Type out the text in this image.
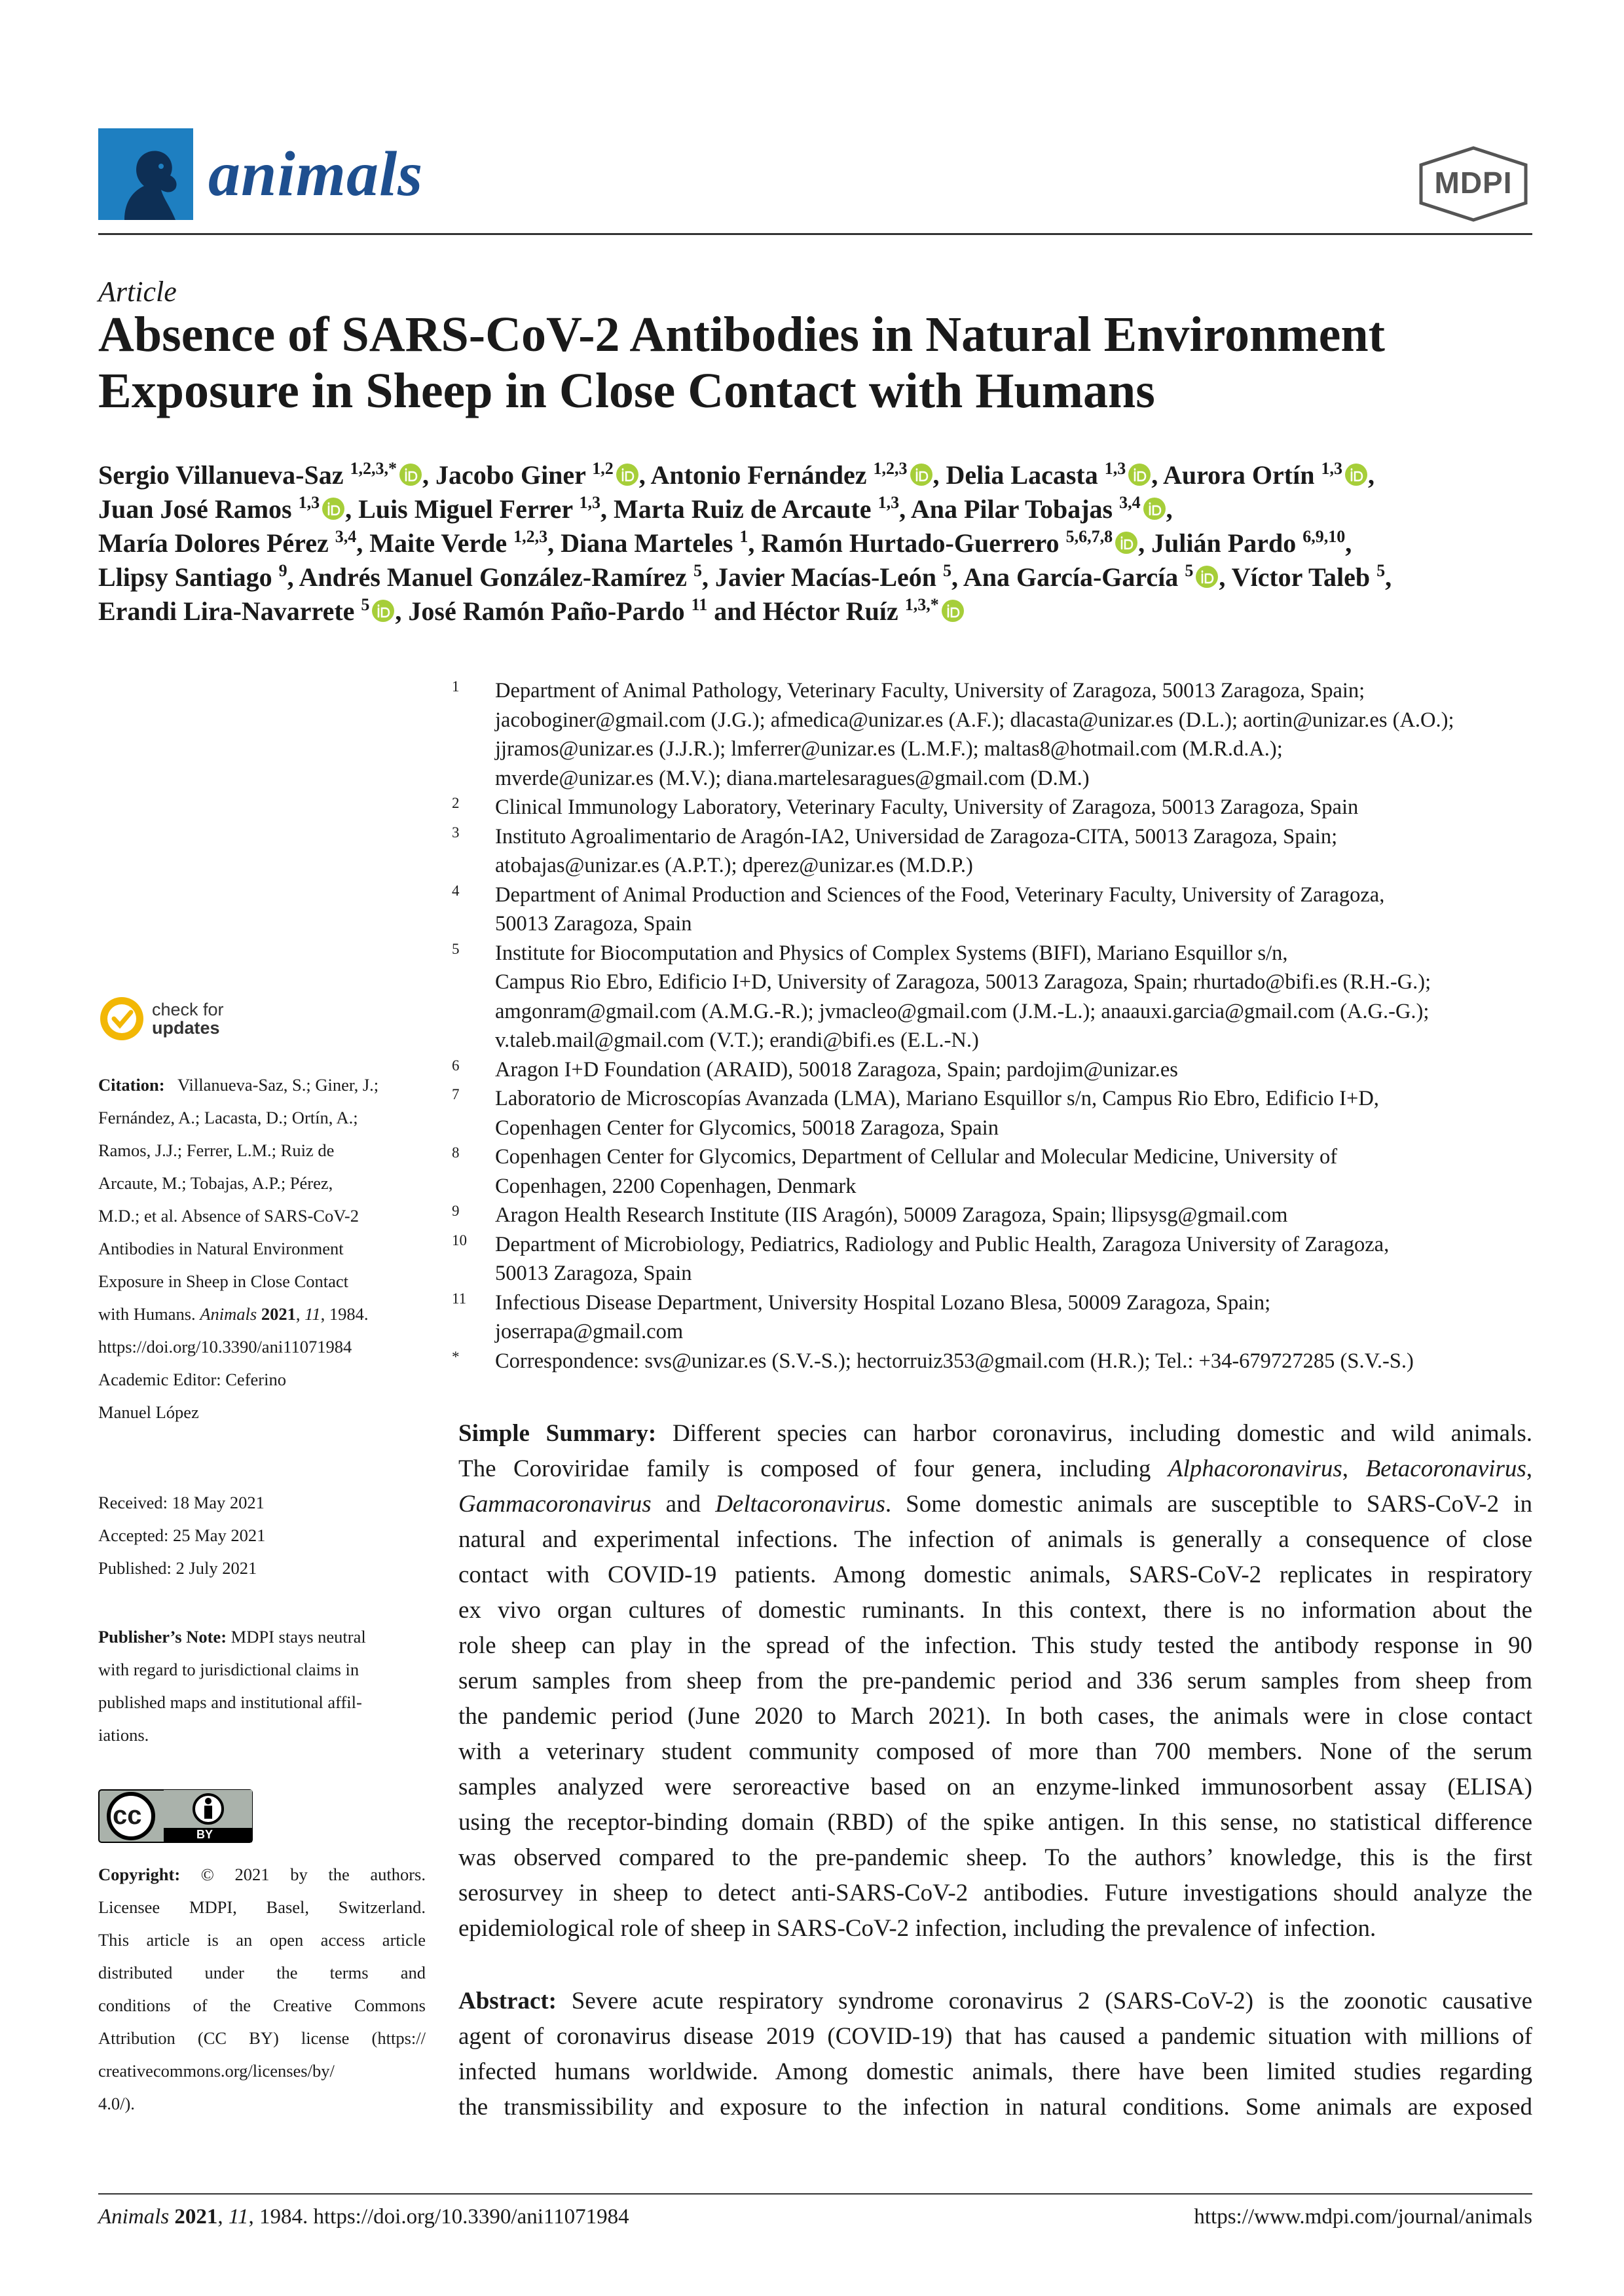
animals	MDPI
Article
Absence of SARS-CoV-2 Antibodies in Natural Environment
Exposure in Sheep in Close Contact with Humans
Sergio Villanueva-Saz $^{1,2,3,*}$ , Jacobo Giner $^{1,2}$ , Antonio Fernández $^{1,2,3}$ , Delia Lacasta $^{1,3}$ , Aurora Ortín $^{1,3}$ ,
Juan José Ramos $^{1,3}$ , Luis Miguel Ferrer $^{1,3}$, Marta Ruiz de Arcaute $^{1,3}$, Ana Pilar Tobajas $^{3,4}$ ,
María Dolores Pérez $^{3,4}$, Maite Verde $^{1,2,3}$, Diana Marteles $^1$, Ramón Hurtado-Guerrero $^{5,6,7,8}$ , Julián Pardo $^{6,9,10}$,
Llipsy Santiago $^9$, Andrés Manuel González-Ramírez $^5$, Javier Macías-León $^5$, Ana García-García $^5$ , Víctor Taleb $^5$,
Erandi Lira-Navarrete $^5$ , José Ramón Paño-Pardo $^{11}$ and Héctor Ruíz $^{1,3,*}$
1 Department of Animal Pathology, Veterinary Faculty, University of Zaragoza, 50013 Zaragoza, Spain;
jacoboginer@gmail.com (J.G.); afmedica@unizar.es (A.F.); dlacasta@unizar.es (D.L.); aortin@unizar.es (A.O.);
jjramos@unizar.es (J.J.R.); lmferrer@unizar.es (L.M.F.); maltas8@hotmail.com (M.R.d.A.);
mverde@unizar.es (M.V.); diana.martelesaragues@gmail.com (D.M.)
2 Clinical Immunology Laboratory, Veterinary Faculty, University of Zaragoza, 50013 Zaragoza, Spain
3 Instituto Agroalimentario de Aragón-IA2, Universidad de Zaragoza-CITA, 50013 Zaragoza, Spain;
atobajas@unizar.es (A.P.T.); dperez@unizar.es (M.D.P.)
4 Department of Animal Production and Sciences of the Food, Veterinary Faculty, University of Zaragoza,
50013 Zaragoza, Spain
5 Institute for Biocomputation and Physics of Complex Systems (BIFI), Mariano Esquillor s/n,
Campus Rio Ebro, Edificio I+D, University of Zaragoza, 50013 Zaragoza, Spain; rhurtado@bifi.es (R.H.-G.);
amgonram@gmail.com (A.M.G.-R.); jvmacleo@gmail.com (J.M.-L.); anaauxi.garcia@gmail.com (A.G.-G.);
v.taleb.mail@gmail.com (V.T.); erandi@bifi.es (E.L.-N.)
6 Aragon I+D Foundation (ARAID), 50018 Zaragoza, Spain; pardojim@unizar.es
7 Laboratorio de Microscopías Avanzada (LMA), Mariano Esquillor s/n, Campus Rio Ebro, Edificio I+D,
Copenhagen Center for Glycomics, 50018 Zaragoza, Spain
8 Copenhagen Center for Glycomics, Department of Cellular and Molecular Medicine, University of
Copenhagen, 2200 Copenhagen, Denmark
9 Aragon Health Research Institute (IIS Aragón), 50009 Zaragoza, Spain; llipsysg@gmail.com
10 Department of Microbiology, Pediatrics, Radiology and Public Health, Zaragoza University of Zaragoza,
50013 Zaragoza, Spain
11 Infectious Disease Department, University Hospital Lozano Blesa, 50009 Zaragoza, Spain;
joserrapa@gmail.com
* Correspondence: svs@unizar.es (S.V.-S.); hectorruiz353@gmail.com (H.R.); Tel.: +34-679727285 (S.V.-S.)
check for
updates
Citation: Villanueva-Saz, S.; Giner, J.;
Fernández, A.; Lacasta, D.; Ortín, A.;
Ramos, J.J.; Ferrer, L.M.; Ruiz de
Arcaute, M.; Tobajas, A.P.; Pérez,
M.D.; et al. Absence of SARS-CoV-2
Antibodies in Natural Environment
Exposure in Sheep in Close Contact
with Humans. Animals 2021, 11, 1984.
https://doi.org/10.3390/ani11071984
Academic Editor: Ceferino
Manuel López
Received: 18 May 2021
Accepted: 25 May 2021
Published: 2 July 2021
Publisher’s Note: MDPI stays neutral
with regard to jurisdictional claims in
published maps and institutional affil-
iations.
cc
BY
Copyright: © 2021 by the authors.
Licensee MDPI, Basel, Switzerland.
This article is an open access article
distributed under the terms and
conditions of the Creative Commons
Attribution (CC BY) license (https://
creativecommons.org/licenses/by/
4.0/).
Simple Summary: Different species can harbor coronavirus, including domestic and wild animals.
The Coroviridae family is composed of four genera, including Alphacoronavirus, Betacoronavirus,
Gammacoronavirus and Deltacoronavirus. Some domestic animals are susceptible to SARS-CoV-2 in
natural and experimental infections. The infection of animals is generally a consequence of close
contact with COVID-19 patients. Among domestic animals, SARS-CoV-2 replicates in respiratory
ex vivo organ cultures of domestic ruminants. In this context, there is no information about the
role sheep can play in the spread of the infection. This study tested the antibody response in 90
serum samples from sheep from the pre-pandemic period and 336 serum samples from sheep from
the pandemic period (June 2020 to March 2021). In both cases, the animals were in close contact
with a veterinary student community composed of more than 700 members. None of the serum
samples analyzed were seroreactive based on an enzyme-linked immunosorbent assay (ELISA)
using the receptor-binding domain (RBD) of the spike antigen. In this sense, no statistical difference
was observed compared to the pre-pandemic sheep. To the authors’ knowledge, this is the first
serosurvey in sheep to detect anti-SARS-CoV-2 antibodies. Future investigations should analyze the
epidemiological role of sheep in SARS-CoV-2 infection, including the prevalence of infection.
Abstract: Severe acute respiratory syndrome coronavirus 2 (SARS-CoV-2) is the zoonotic causative
agent of coronavirus disease 2019 (COVID-19) that has caused a pandemic situation with millions of
infected humans worldwide. Among domestic animals, there have been limited studies regarding
the transmissibility and exposure to the infection in natural conditions. Some animals are exposed
Animals 2021, 11, 1984. https://doi.org/10.3390/ani11071984	https://www.mdpi.com/journal/animals
